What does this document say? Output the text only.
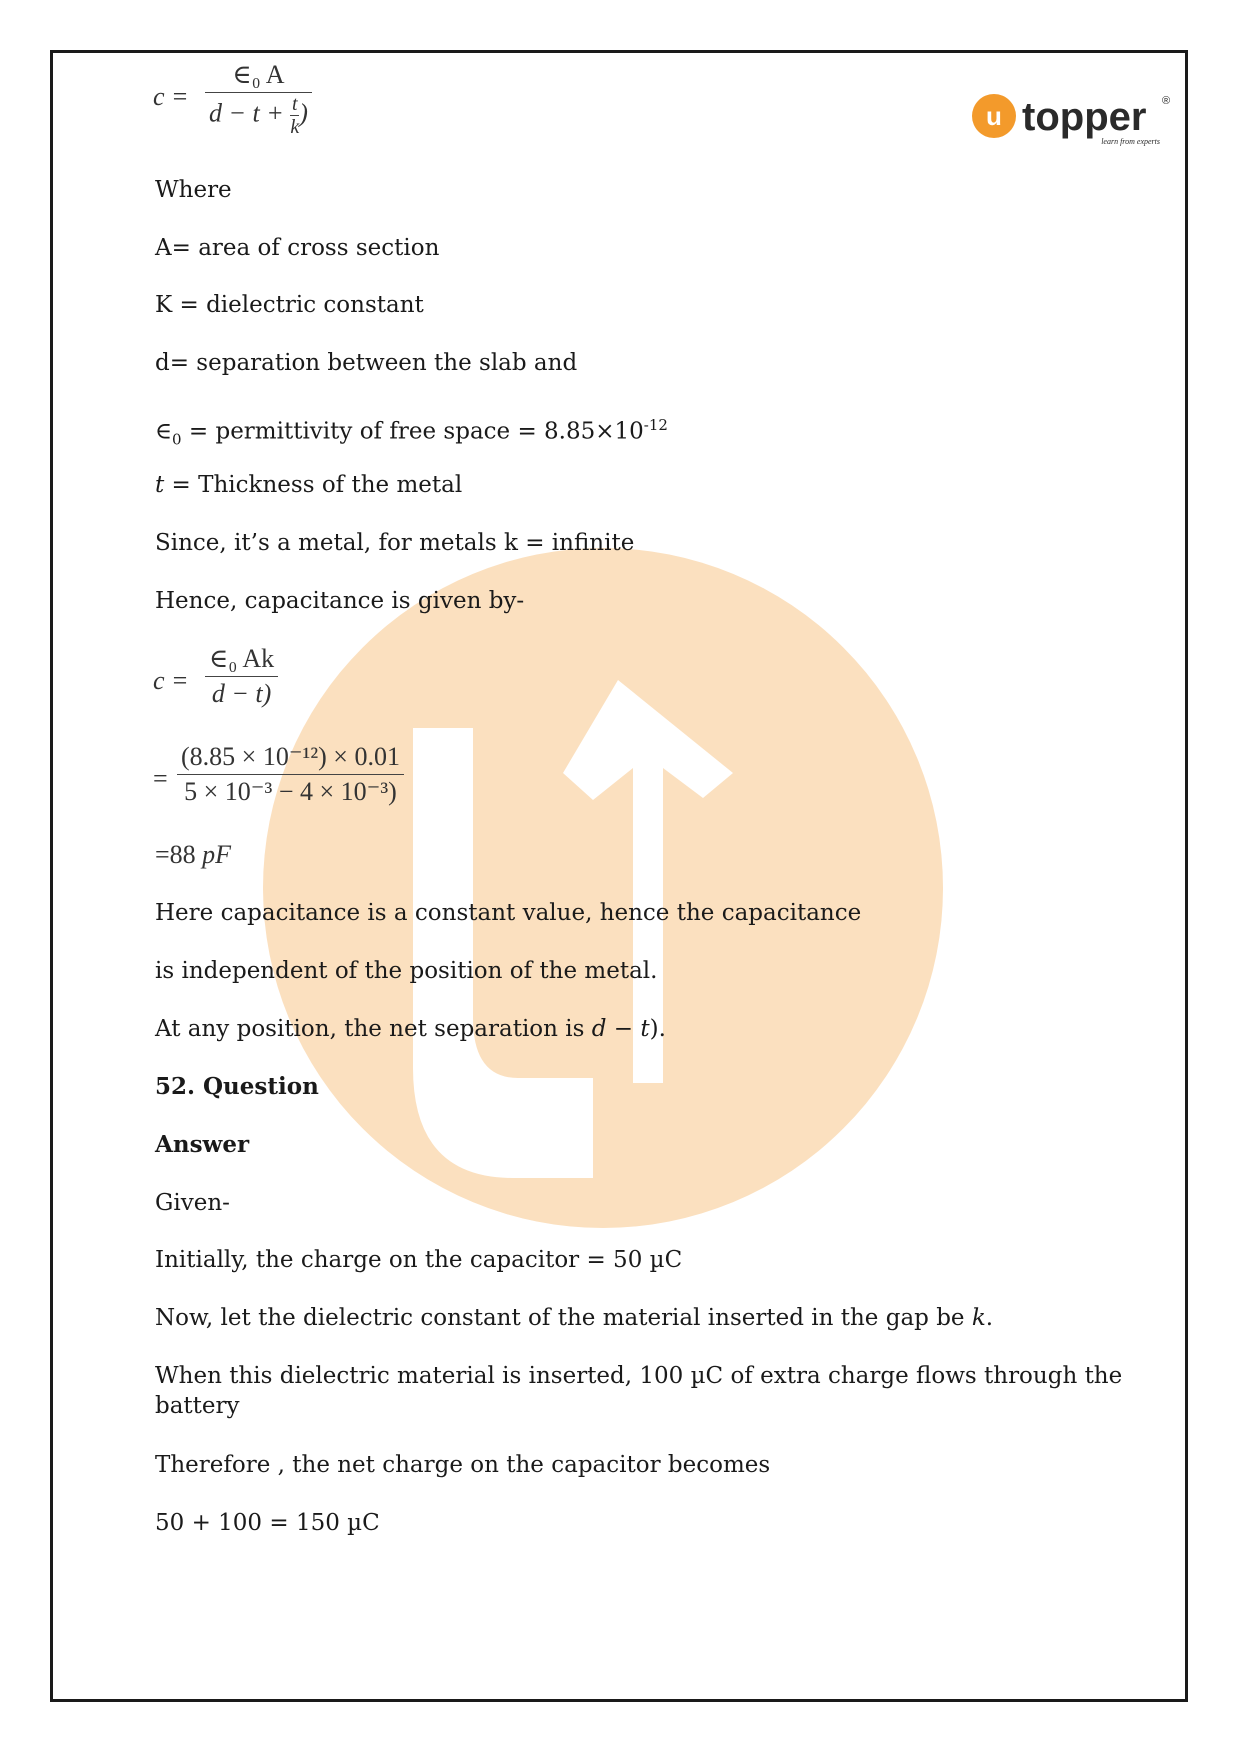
u topper ®
learn from experts
c =
∈₀ A
$d - t + \frac{t}{k}$)
Where
A= area of cross section
K = dielectric constant
d= separation between the slab and
$\in_0$ = permittivity of free space = $8.85\times 10^{-12}$
t = Thickness of the metal
Since, it’s a metal, for metals k = infinite
Hence, capacitance is given by-
c =
∈₀ Ak
d − t)
=
(8.85 × 10⁻¹²) × 0.01
5 × 10⁻³ − 4 × 10⁻³)
=88 pF
Here capacitance is a constant value, hence the capacitance
is independent of the position of the metal.
At any position, the net separation is d − t).
52. Question
Answer
Given-
Initially, the charge on the capacitor = 50 µC
Now, let the dielectric constant of the material inserted in the gap be k.
When this dielectric material is inserted, 100 µC of extra charge flows through the
battery
Therefore , the net charge on the capacitor becomes
50 + 100 = 150 µC
